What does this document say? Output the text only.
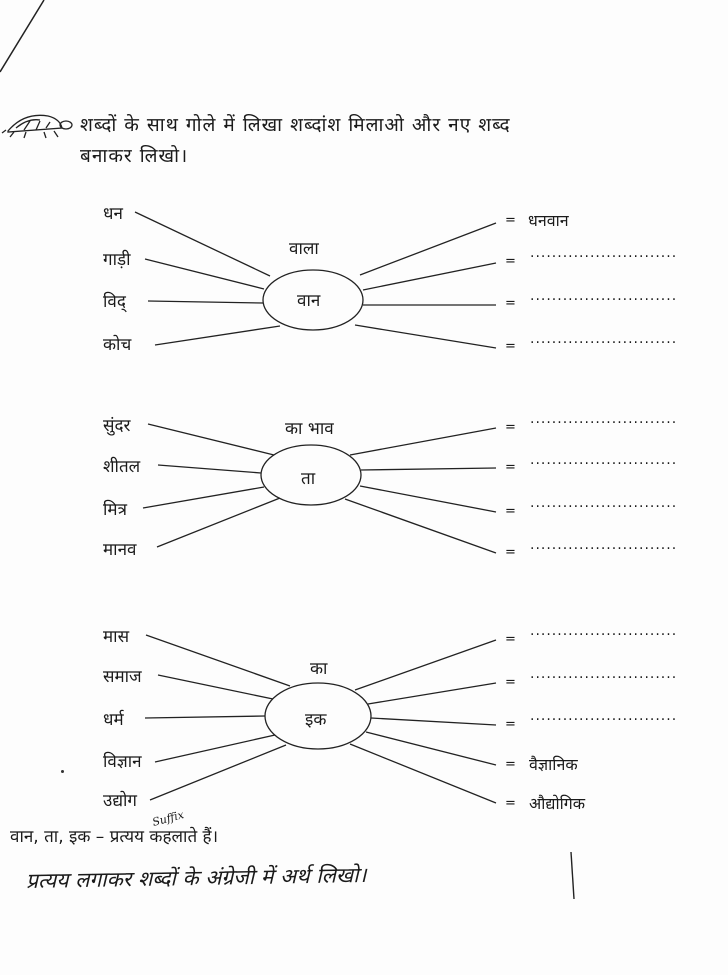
शब्दों के साथ गोले में लिखा शब्दांश मिलाओ और नए शब्द
बनाकर लिखो।
वाला
वान
धन
गाड़ी
विद्
कोच
= धनवान
=
...........................
= ...........................
= ...........................
का भाव
ता
सुंदर
शीतल
मित्र
मानव
=
...........................
= ...........................
=
...........................
= ...........................
का
इक
मास
समाज
धर्म
विज्ञान
उद्योग
=
...........................
=
...........................
=
...........................
= वैज्ञानिक
= औद्योगिक
वान, ता, इक – प्रत्यय कहलाते हैं।
Suffix
प्रत्यय लगाकर शब्दों के अंग्रेजी में अर्थ लिखो।
